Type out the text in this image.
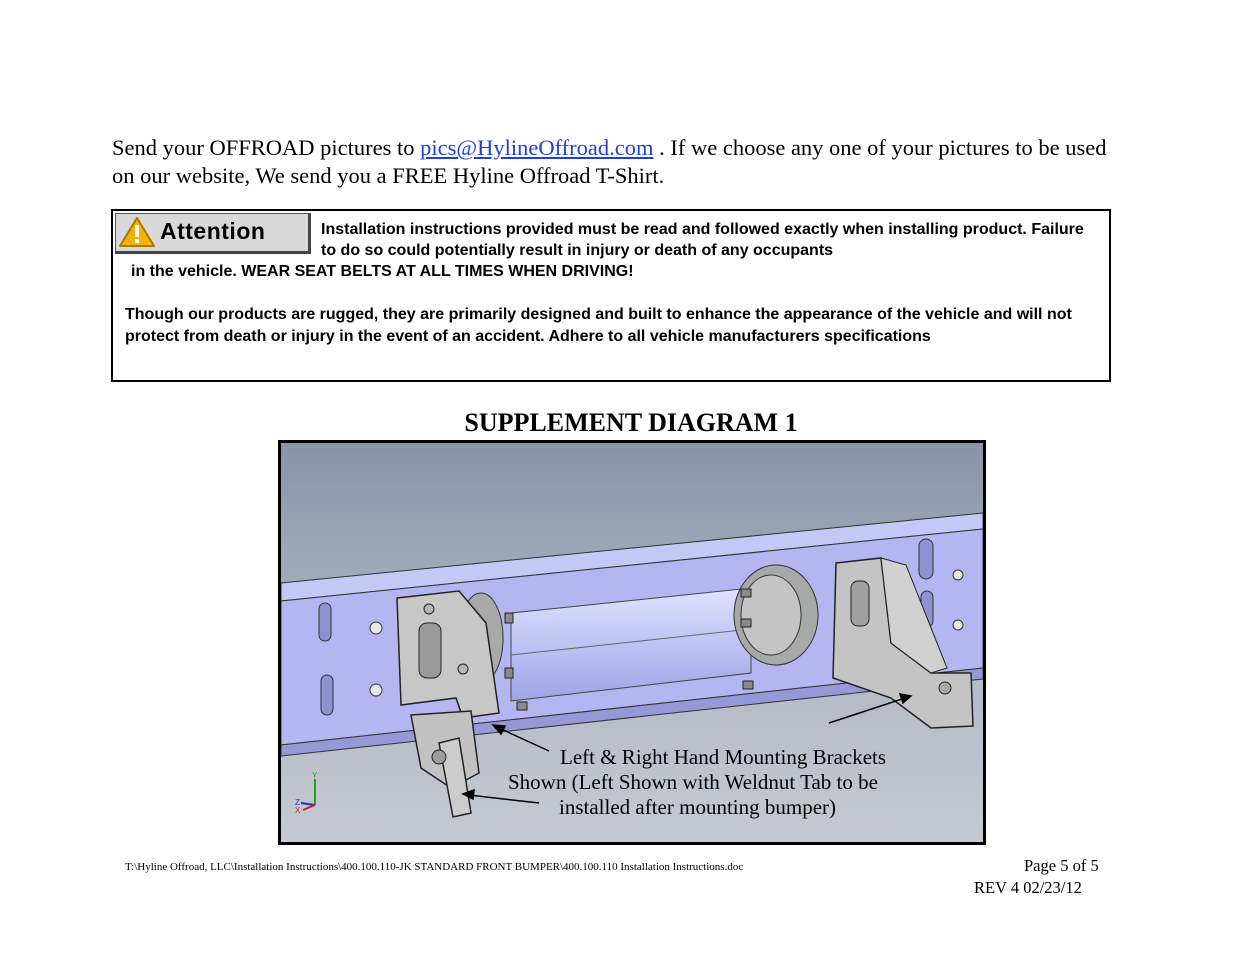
Send your OFFROAD pictures to pics@HylineOffroad.com . If we choose any one of your pictures to be used on our website, We send you a FREE Hyline Offroad T-Shirt.
Attention	Installation instructions provided must be read and followed exactly when installing product. Failure to do so could potentially result in injury or death of any occupants
in the vehicle. WEAR SEAT BELTS AT ALL TIMES WHEN DRIVING!
Though our products are rugged, they are primarily designed and built to enhance the appearance of the vehicle and will not protect from death or injury in the event of an accident. Adhere to all vehicle manufacturers specifications
SUPPLEMENT DIAGRAM 1
Y
Z
X
Left & Right Hand Mounting Brackets
Shown (Left Shown with Weldnut Tab to be
installed after mounting bumper)
T:\Hyline Offroad, LLC\Installation Instructions\400.100.110-JK STANDARD FRONT BUMPER\400.100.110 Installation Instructions.doc	Page 5 of 5
REV 4 02/23/12
